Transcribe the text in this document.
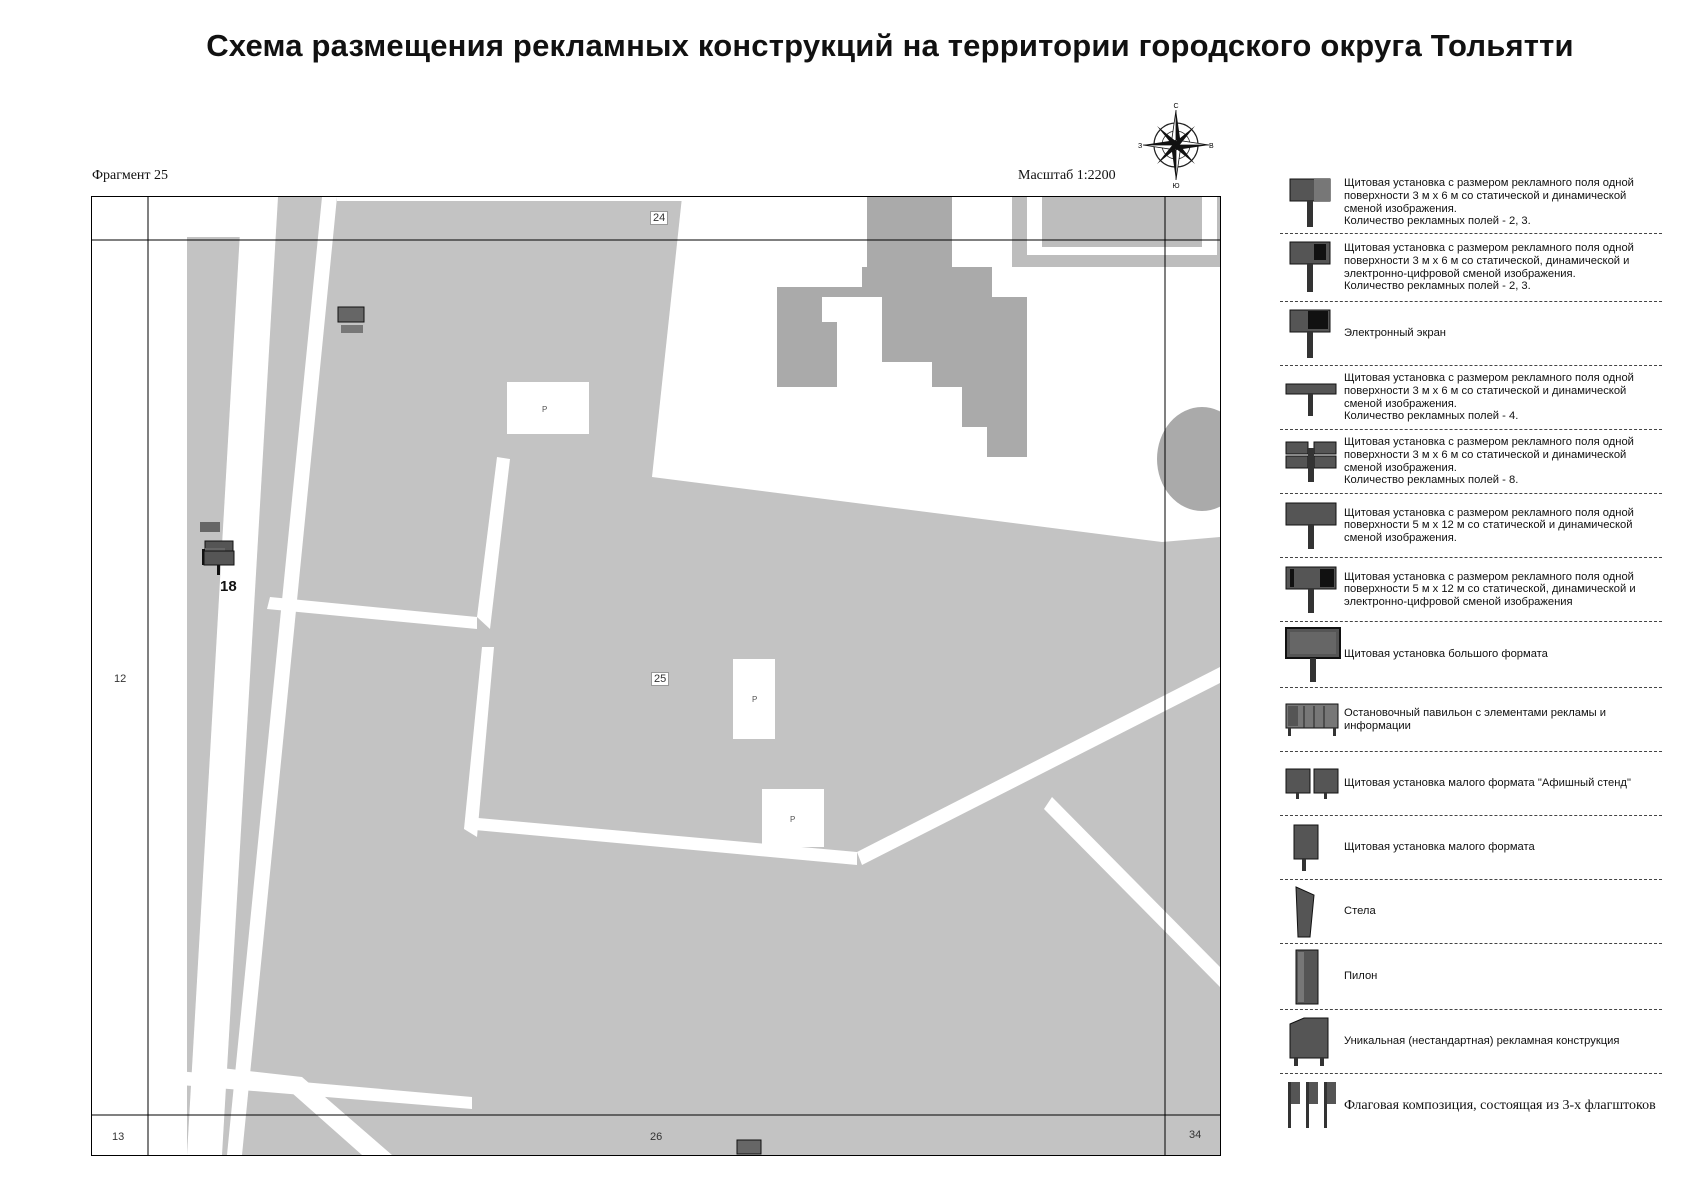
Схема размещения рекламных конструкций на территории городского округа Тольятти
Фрагмент 25	Масштаб 1:2200
С
Ю
З	В
P
P
P
24
12	25
26
13	34
18
Щитовая установка с размером рекламного поля одной поверхности 3 м х 6 м со статической и динамической сменой изображения.
Количество рекламных полей - 2, 3.
Щитовая установка с размером рекламного поля одной поверхности 3 м х 6 м со статической, динамической и электронно-цифровой сменой изображения.
Количество рекламных полей - 2, 3.
Электронный экран
Щитовая установка с размером рекламного поля одной поверхности 3 м х 6 м со статической и динамической сменой изображения.
Количество рекламных полей - 4.
Щитовая установка с размером рекламного поля одной поверхности 3 м х 6 м со статической и динамической сменой изображения.
Количество рекламных полей - 8.
Щитовая установка с размером рекламного поля одной поверхности 5 м х 12 м со статической и динамической сменой изображения.
Щитовая установка с размером рекламного поля одной поверхности 5 м х 12 м со статической, динамической и электронно-цифровой сменой изображения
Щитовая установка большого формата
Остановочный павильон с элементами рекламы и информации
Щитовая установка малого формата "Афишный стенд"
Щитовая установка малого формата
Стела
Пилон
Уникальная (нестандартная) рекламная конструкция
Флаговая композиция, состоящая из 3-х флагштоков
